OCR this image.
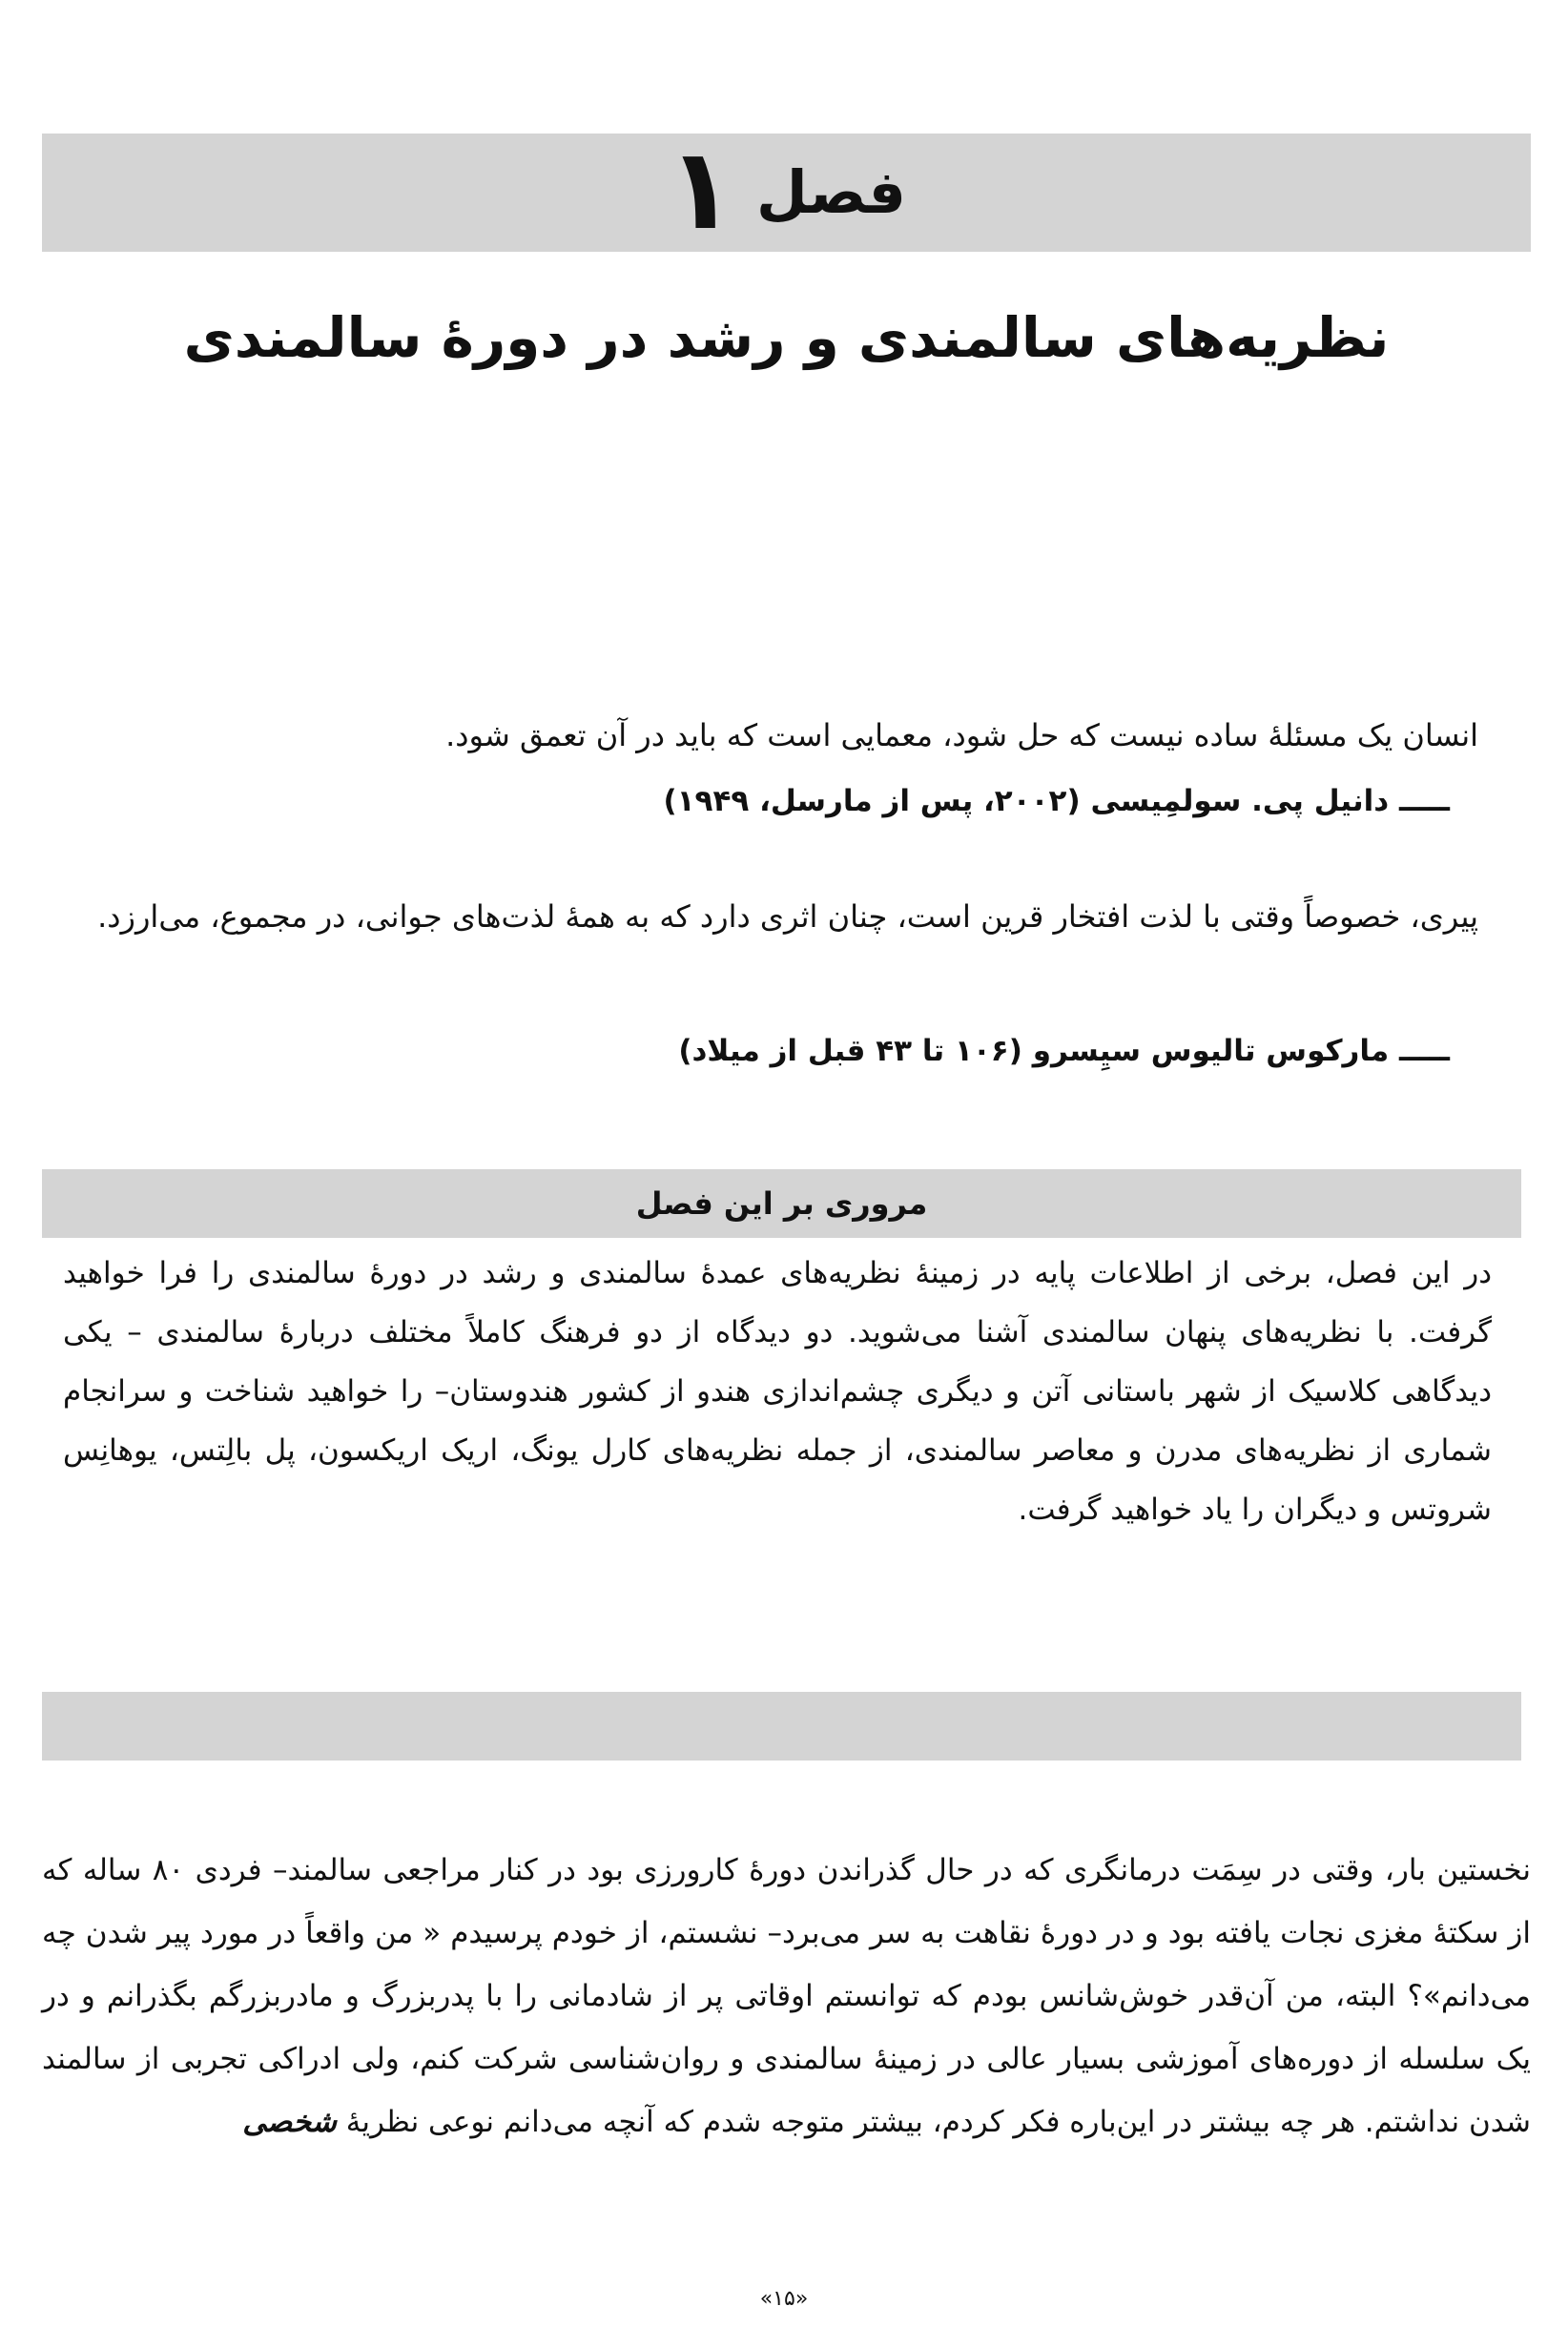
فصل
۱
نظریه‌های سالمندی و رشد در دورۀ سالمندی
انسان یک مسئلۀ ساده نیست که حل شود، معمایی است که باید در آن تعمق شود.
ـــــ دانیل پی. سولمِیسی (۲۰۰۲، پس از مارسل، ۱۹۴۹)
پیری، خصوصاً وقتی با لذت افتخار قرین است، چنان اثری دارد که به همۀ لذت‌های جوانی، در مجموع، می‌ارزد.
ـــــ مارکوس تالیوس سیِسرو (۱۰۶ تا ۴۳ قبل از میلاد)
مروری بر این فصل
در این فصل، برخی از اطلاعات پایه در زمینۀ نظریه‌های عمدۀ سالمندی و رشد در دورۀ سالمندی را فرا خواهید گرفت. با نظریه‌های پنهان سالمندی آشنا می‌شوید. دو دیدگاه از دو فرهنگ کاملاً مختلف دربارۀ سالمندی – یکی دیدگاهی کلاسیک از شهر باستانی آتن و دیگری چشم‌اندازی هندو از کشور هندوستان– را خواهید شناخت و سرانجام شماری از نظریه‌های مدرن و معاصر سالمندی، از جمله نظریه‌های کارل یونگ، اریک اریکسون، پل بالِتس، یوهانِس شروتس و دیگران را یاد خواهید گرفت.
نخستین بار، وقتی در سِمَت درمانگری که در حال گذراندن دورۀ کارورزی بود در کنار مراجعی سالمند– فردی ۸۰ ساله که از سکتۀ مغزی نجات یافته بود و در دورۀ نقاهت به سر می‌برد– نشستم، از خودم پرسیدم « من واقعاً در مورد پیر شدن چه می‌دانم»؟ البته، من آن‌قدر خوش‌شانس بودم که توانستم اوقاتی پر از شادمانی را با پدربزرگ و مادربزرگم بگذرانم و در یک سلسله از دوره‌های آموزشی بسیار عالی در زمینۀ سالمندی و روان‌شناسی شرکت کنم، ولی ادراکی تجربی از سالمند شدن نداشتم. هر چه بیشتر در این‌باره فکر کردم، بیشتر متوجه شدم که آنچه می‌دانم نوعی نظریۀ شخصی
«۱۵»
